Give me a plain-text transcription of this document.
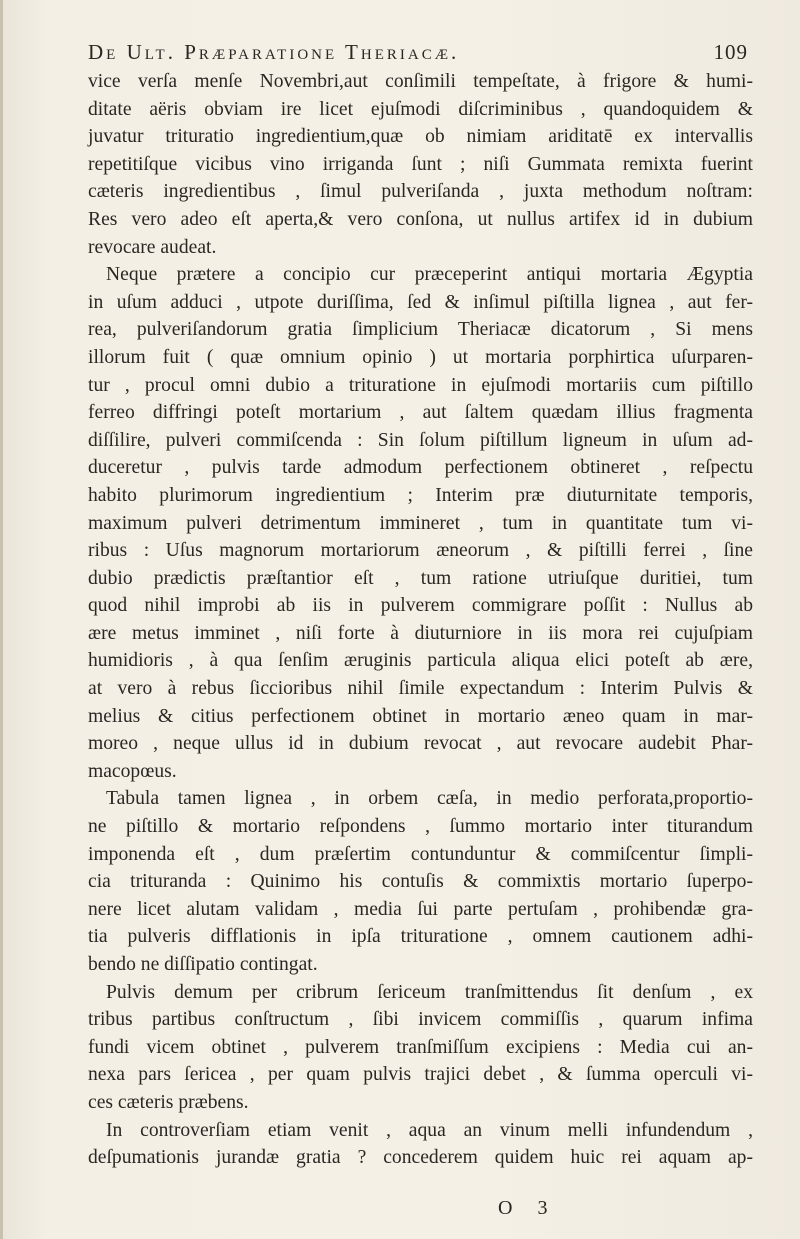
De Ult. Præparatione Theriacæ.	109
vice verſa menſe Novembri,aut conſimili tempeſtate, à frigore & humi-
ditate aëris obviam ire licet ejuſmodi diſcriminibus , quandoquidem &
juvatur trituratio ingredientium,quæ ob nimiam ariditatē ex intervallis
repetitiſque vicibus vino irriganda ſunt ; niſi Gummata remixta fuerint
cæteris ingredientibus , ſimul pulveriſanda , juxta methodum noſtram:
Res vero adeo eſt aperta,& vero conſona, ut nullus artifex id in dubium
revocare audeat.
Neque prætere a concipio cur præceperint antiqui mortaria Ægyptia
in uſum adduci , utpote duriſſima, ſed & inſimul piſtilla lignea , aut fer-
rea, pulveriſandorum gratia ſimplicium Theriacæ dicatorum , Si mens
illorum fuit ( quæ omnium opinio ) ut mortaria porphirtica uſurparen-
tur , procul omni dubio a trituratione in ejuſmodi mortariis cum piſtillo
ferreo diffringi poteſt mortarium , aut ſaltem quædam illius fragmenta
diſſilire, pulveri commiſcenda : Sin ſolum piſtillum ligneum in uſum ad-
duceretur , pulvis tarde admodum perfectionem obtineret , reſpectu
habito plurimorum ingredientium ; Interim præ diuturnitate temporis,
maximum pulveri detrimentum immineret , tum in quantitate tum vi-
ribus : Uſus magnorum mortariorum æneorum , & piſtilli ferrei , ſine
dubio prædictis præſtantior eſt , tum ratione utriuſque duritiei, tum
quod nihil improbi ab iis in pulverem commigrare poſſit : Nullus ab
ære metus imminet , niſi forte à diuturniore in iis mora rei cujuſpiam
humidioris , à qua ſenſim æruginis particula aliqua elici poteſt ab ære,
at vero à rebus ſiccioribus nihil ſimile expectandum : Interim Pulvis &
melius & citius perfectionem obtinet in mortario æneo quam in mar-
moreo , neque ullus id in dubium revocat , aut revocare audebit Phar-
macopœus.
Tabula tamen lignea , in orbem cæſa, in medio perforata,proportio-
ne piſtillo & mortario reſpondens , ſummo mortario inter titurandum
imponenda eſt , dum præſertim contunduntur & commiſcentur ſimpli-
cia trituranda : Quinimo his contuſis & commixtis mortario ſuperpo-
nere licet alutam validam , media ſui parte pertuſam , prohibendæ gra-
tia pulveris difflationis in ipſa trituratione , omnem cautionem adhi-
bendo ne diſſipatio contingat.
Pulvis demum per cribrum ſericeum tranſmittendus ſit denſum , ex
tribus partibus conſtructum , ſibi invicem commiſſis , quarum infima
fundi vicem obtinet , pulverem tranſmiſſum excipiens : Media cui an-
nexa pars ſericea , per quam pulvis trajici debet , & ſumma operculi vi-
ces cæteris præbens.
In controverſiam etiam venit , aqua an vinum melli infundendum ,
deſpumationis jurandæ gratia ? concederem quidem huic rei aquam ap-
O 3
